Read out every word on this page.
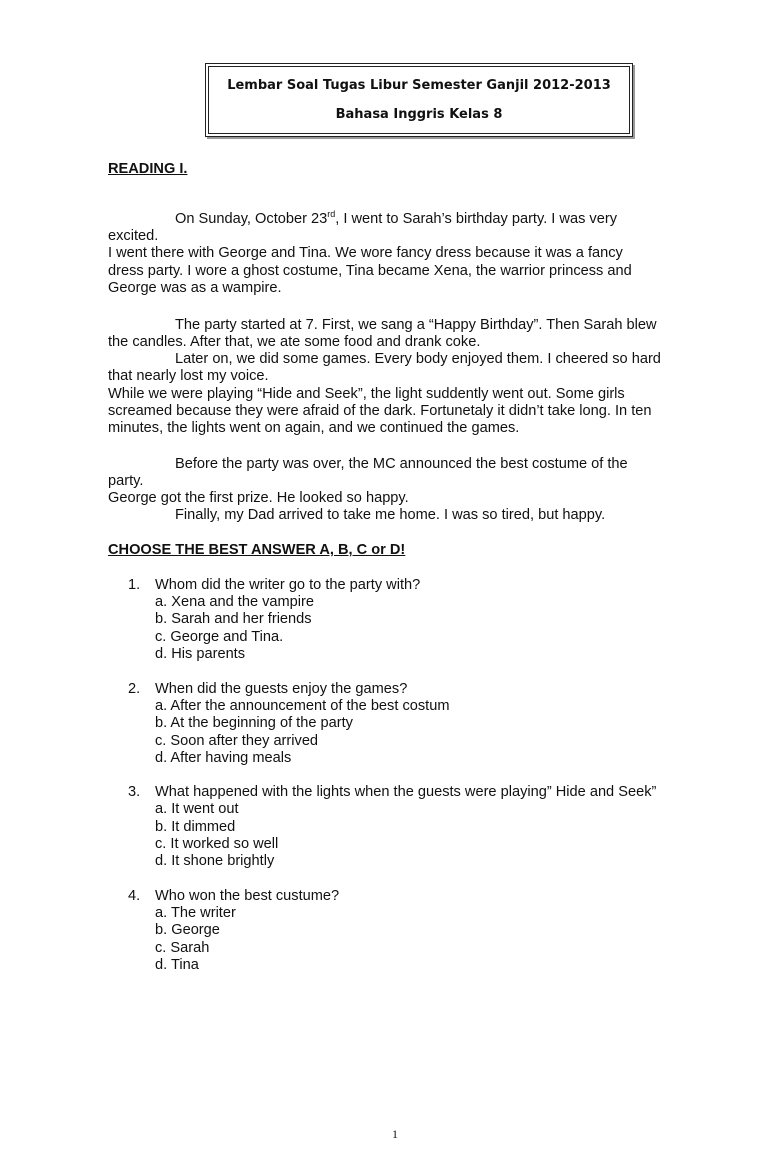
Lembar Soal Tugas Libur Semester Ganjil 2012-2013
Bahasa Inggris Kelas 8
READING I.
On Sunday, October 23rd, I went to Sarah’s birthday party. I was very
excited.
I went there with George and Tina. We wore fancy dress because it was a fancy
dress party. I wore a ghost costume, Tina became Xena, the warrior princess and
George was as a wampire.
The party started at 7. First, we sang a “Happy Birthday”. Then Sarah blew
the candles. After that, we ate some food and drank coke.
Later on, we did some games. Every body enjoyed them. I cheered so hard
that nearly lost my voice.
While we were playing “Hide and Seek”, the light suddently went out. Some girls
screamed because they were afraid of the dark. Fortunetaly it didn’t take long. In ten
minutes, the lights went on again, and we continued the games.
Before the party was over, the MC announced the best costume of the
party.
George got the first prize. He looked so happy.
Finally, my Dad arrived to take me home. I was so tired, but happy.
CHOOSE THE BEST ANSWER A, B, C or D!
1. Whom did the writer go to the party with?
a. Xena and the vampire
b. Sarah and her friends
c. George and Tina.
d. His parents
2. When did the guests enjoy the games?
a. After the announcement of the best costum
b. At the beginning of the party
c. Soon after they arrived
d. After having meals
3. What happened with the lights when the guests were playing” Hide and Seek”
a. It went out
b. It dimmed
c. It worked so well
d. It shone brightly
4. Who won the best custume?
a. The writer
b. George
c. Sarah
d. Tina
1
